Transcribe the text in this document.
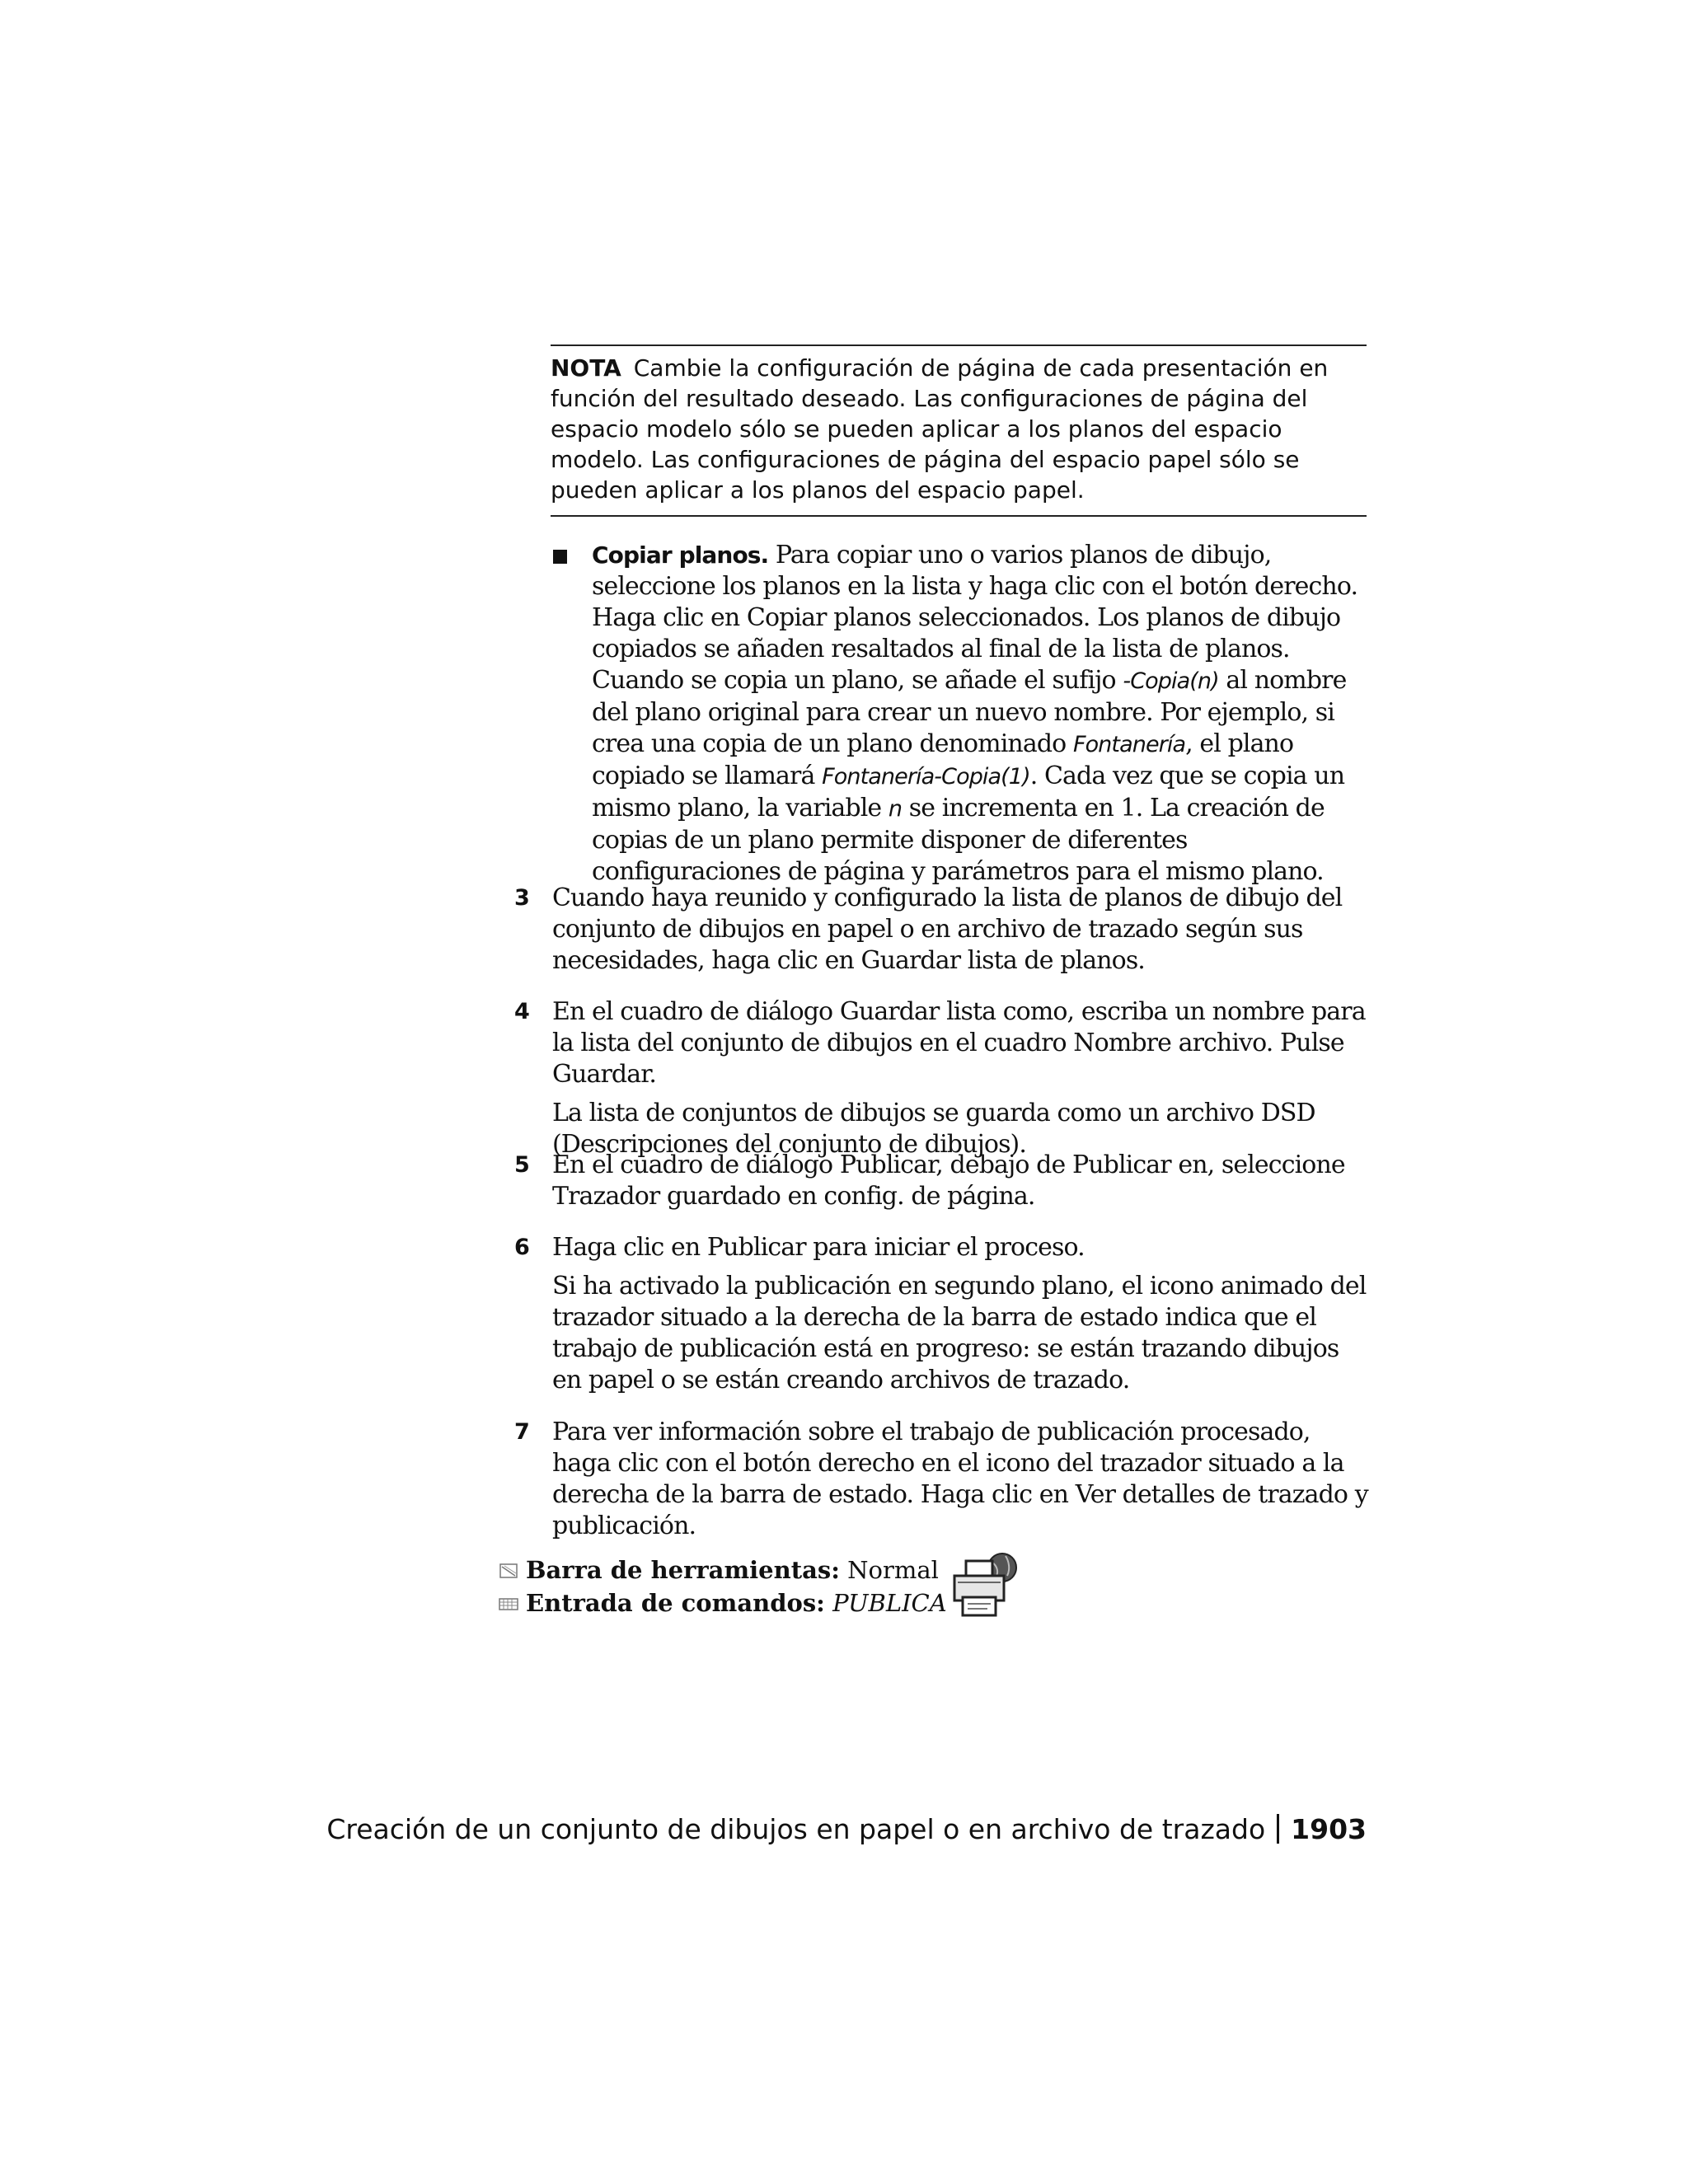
NOTA Cambie la configuración de página de cada presentación en función del resultado deseado. Las configuraciones de página del espacio modelo sólo se pueden aplicar a los planos del espacio modelo. Las configuraciones de página del espacio papel sólo se pueden aplicar a los planos del espacio papel.
Copiar planos. Para copiar uno o varios planos de dibujo, seleccione los planos en la lista y haga clic con el botón derecho. Haga clic en Copiar planos seleccionados. Los planos de dibujo copiados se añaden resaltados al final de la lista de planos. Cuando se copia un plano, se añade el sufijo -Copia(n) al nombre del plano original para crear un nuevo nombre. Por ejemplo, si crea una copia de un plano denominado Fontanería, el plano copiado se llamará Fontanería-Copia(1). Cada vez que se copia un mismo plano, la variable n se incrementa en 1. La creación de copias de un plano permite disponer de diferentes configuraciones de página y parámetros para el mismo plano.
3 Cuando haya reunido y configurado la lista de planos de dibujo del conjunto de dibujos en papel o en archivo de trazado según sus necesidades, haga clic en Guardar lista de planos.

4 En el cuadro de diálogo Guardar lista como, escriba un nombre para la lista del conjunto de dibujos en el cuadro Nombre archivo. Pulse Guardar.

La lista de conjuntos de dibujos se guarda como un archivo DSD (Descripciones del conjunto de dibujos).

5 En el cuadro de diálogo Publicar, debajo de Publicar en, seleccione Trazador guardado en config. de página.

6 Haga clic en Publicar para iniciar el proceso.

Si ha activado la publicación en segundo plano, el icono animado del trazador situado a la derecha de la barra de estado indica que el trabajo de publicación está en progreso: se están trazando dibujos en papel o se están creando archivos de trazado.

7 Para ver información sobre el trabajo de publicación procesado, haga clic con el botón derecho en el icono del trazador situado a la derecha de la barra de estado. Haga clic en Ver detalles de trazado y publicación.

Barra de herramientas: Normal
Entrada de comandos: PUBLICA
Creación de un conjunto de dibujos en papel o en archivo de trazado 1903
